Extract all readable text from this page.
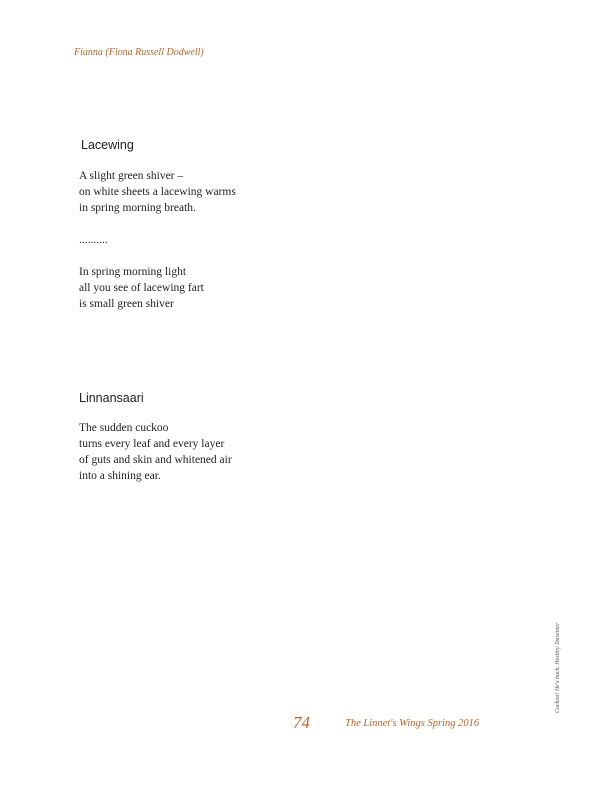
Fianna (Fiona Russell Dodwell)
Lacewing
A slight green shiver –
on white sheets a lacewing warms
in spring morning breath.
..........
In spring morning light
all you see of lacewing fart
is small green shiver
Linnansaari
The sudden cuckoo
turns every leaf and every layer
of guts and skin and whitened air
into a shining ear.
Cuckoo! He's back. Hestiny Duvenier
74	The Linnet's Wings Spring 2016
